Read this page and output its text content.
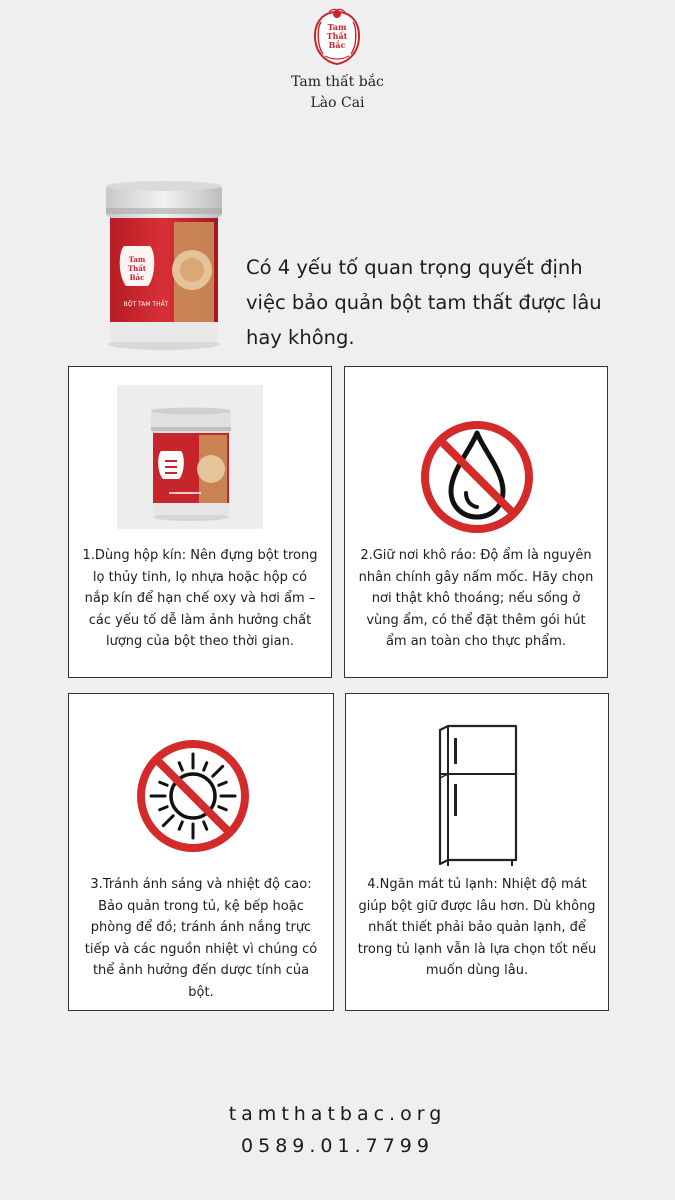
Tam
Thất
Bắc
Tam thất bắc
Lào Cai
Tam
Thất
Bắc
BỘT TAM THẤT
Có 4 yếu tố quan trọng quyết định việc bảo quản bột tam thất được lâu hay không.
1.Dùng hộp kín: Nên đựng bột trong lọ thủy tinh, lọ nhựa hoặc hộp có nắp kín để hạn chế oxy và hơi ẩm – các yếu tố dễ làm ảnh hưởng chất lượng của bột theo thời gian.
2.Giữ nơi khô ráo: Độ ẩm là nguyên nhân chính gây nấm mốc. Hãy chọn nơi thật khô thoáng; nếu sống ở vùng ẩm, có thể đặt thêm gói hút ẩm an toàn cho thực phẩm.
3.Tránh ánh sáng và nhiệt độ cao: Bảo quản trong tủ, kệ bếp hoặc phòng để đồ; tránh ánh nắng trực tiếp và các nguồn nhiệt vì chúng có thể ảnh hưởng đến dược tính của bột.
4.Ngăn mát tủ lạnh: Nhiệt độ mát giúp bột giữ được lâu hơn. Dù không nhất thiết phải bảo quản lạnh, để trong tủ lạnh vẫn là lựa chọn tốt nếu muốn dùng lâu.
tamthatbac.org
0589.01.7799
